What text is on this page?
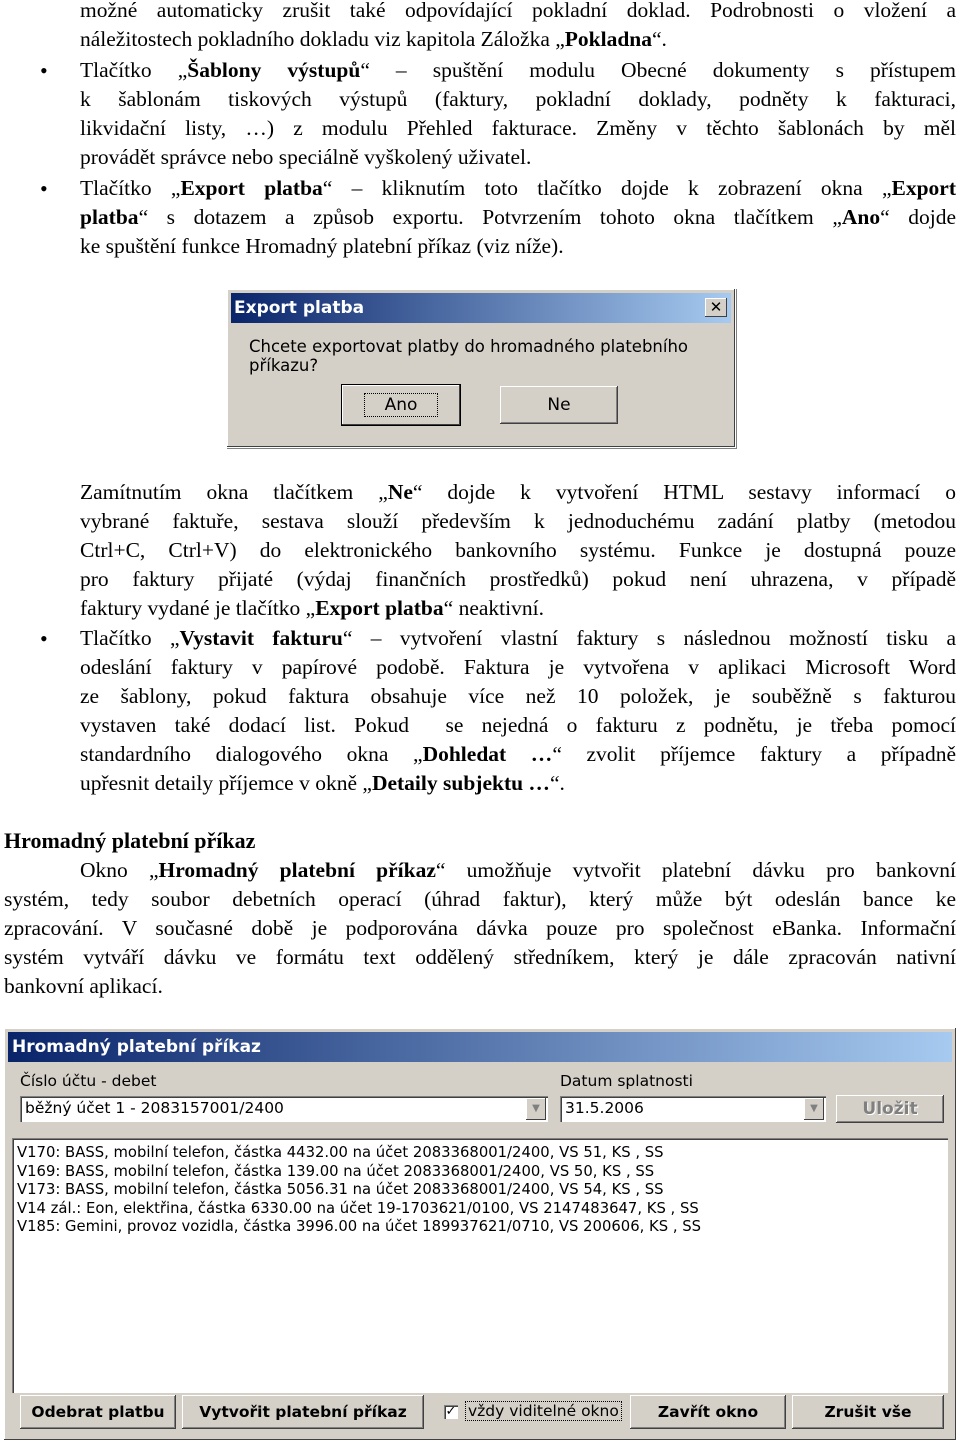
možné automaticky zrušit také odpovídající pokladní doklad. Podrobnosti o vložení a
náležitostech pokladního dokladu viz kapitola Záložka „Pokladna“.
• Tlačítko „Šablony výstupů“ – spuštění modulu Obecné dokumenty s přístupem
k šablonám tiskových výstupů (faktury, pokladní doklady, podněty k fakturaci,
likvidační listy, …) z modulu Přehled fakturace. Změny v těchto šablonách by měl
provádět správce nebo speciálně vyškolený uživatel.
• Tlačítko „Export platba“ – kliknutím toto tlačítko dojde k zobrazení okna „Export
platba“ s dotazem a způsob exportu. Potvrzením tohoto okna tlačítkem „Ano“ dojde
ke spuštění funkce Hromadný platební příkaz (viz níže).
Export platba	✕
Chcete exportovat platby do hromadného platebního příkazu?
Ano	Ne
Zamítnutím okna tlačítkem „Ne“ dojde k vytvoření HTML sestavy informací o
vybrané faktuře, sestava slouží především k jednoduchému zadání platby (metodou
Ctrl+C, Ctrl+V) do elektronického bankovního systému. Funkce je dostupná pouze
pro faktury přijaté (výdaj finančních prostředků) pokud není uhrazena, v případě
faktury vydané je tlačítko „Export platba“ neaktivní.
• Tlačítko „Vystavit fakturu“ – vytvoření vlastní faktury s následnou možností tisku a
odeslání faktury v papírové podobě. Faktura je vytvořena v aplikaci Microsoft Word
ze šablony, pokud faktura obsahuje více než 10 položek, je souběžně s fakturou
vystaven také dodací list. Pokud  se nejedná o fakturu z podnětu, je třeba pomocí
standardního dialogového okna „Dohledat …“ zvolit příjemce faktury a případně
upřesnit detaily příjemce v okně „Detaily subjektu …“.
Hromadný platební příkaz
Okno „Hromadný platební příkaz“ umožňuje vytvořit platební dávku pro bankovní
systém, tedy soubor debetních operací (úhrad faktur), který může být odeslán bance ke
zpracování. V současné době je podporována dávka pouze pro společnost eBanka. Informační
systém vytváří dávku ve formátu text oddělený středníkem, který je dále zpracován nativní
bankovní aplikací.
Hromadný platební příkaz
Číslo účtu - debet
běžný účet 1 - 2083157001/2400	▼
Datum splatnosti
31.5.2006	▼	Uložit
V170: BASS, mobilní telefon, částka 4432.00 na účet 2083368001/2400, VS 51, KS , SS
V169: BASS, mobilní telefon, částka 139.00 na účet 2083368001/2400, VS 50, KS , SS
V173: BASS, mobilní telefon, částka 5056.31 na účet 2083368001/2400, VS 54, KS , SS
V14 zál.: Eon, elektřina, částka 6330.00 na účet 19-1703621/0100, VS 2147483647, KS , SS
V185: Gemini, provoz vozidla, částka 3996.00 na účet 189937621/0710, VS 200606, KS , SS
Odebrat platbu	Vytvořit platební příkaz	✓ vždy viditelné okno	Zavřít okno	Zrušit vše
